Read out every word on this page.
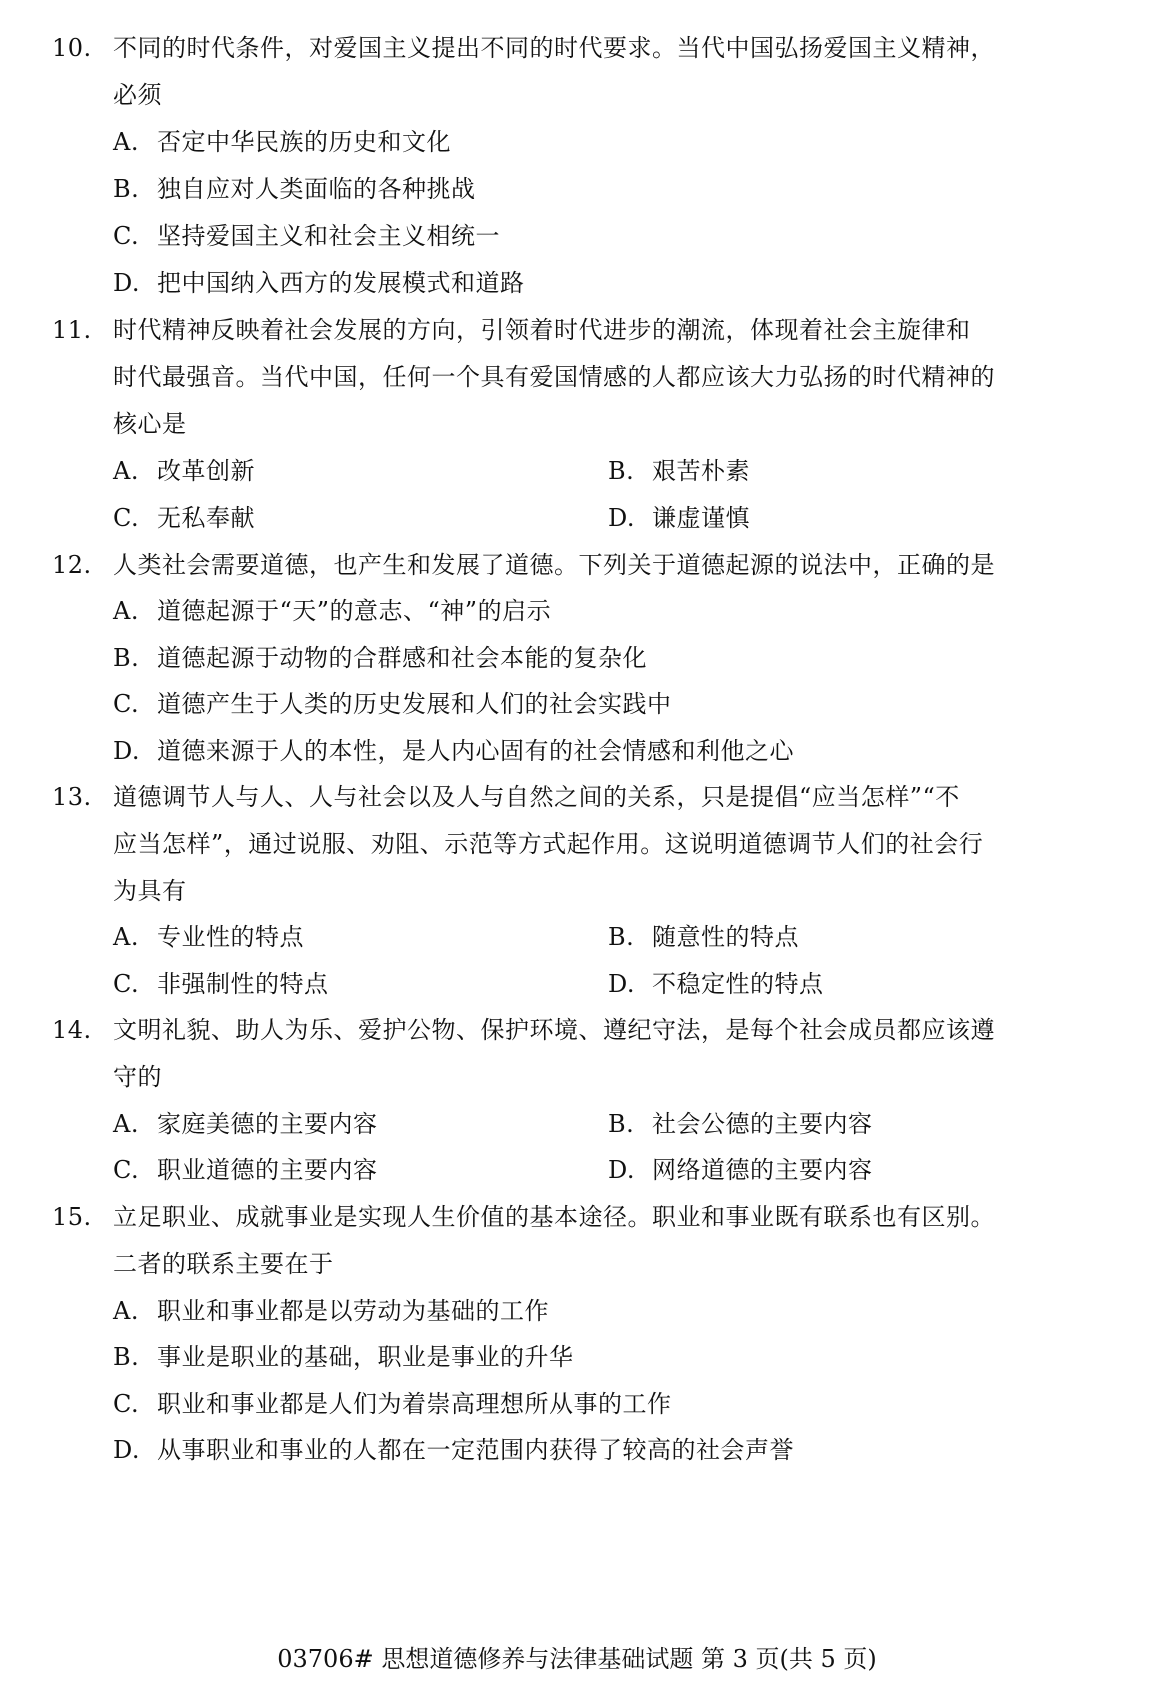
10. 不同的时代条件，对爱国主义提出不同的时代要求。当代中国弘扬爱国主义精神，
必须
A. 否定中华民族的历史和文化
B. 独自应对人类面临的各种挑战
C. 坚持爱国主义和社会主义相统一
D. 把中国纳入西方的发展模式和道路
11. 时代精神反映着社会发展的方向，引领着时代进步的潮流，体现着社会主旋律和
时代最强音。当代中国，任何一个具有爱国情感的人都应该大力弘扬的时代精神的
核心是
A. 改革创新	B. 艰苦朴素
C. 无私奉献	D. 谦虚谨慎
12. 人类社会需要道德，也产生和发展了道德。下列关于道德起源的说法中，正确的是
A. 道德起源于“天”的意志、“神”的启示
B. 道德起源于动物的合群感和社会本能的复杂化
C. 道德产生于人类的历史发展和人们的社会实践中
D. 道德来源于人的本性，是人内心固有的社会情感和利他之心
13. 道德调节人与人、人与社会以及人与自然之间的关系，只是提倡“应当怎样”“不
应当怎样”，通过说服、劝阻、示范等方式起作用。这说明道德调节人们的社会行
为具有
A. 专业性的特点	B. 随意性的特点
C. 非强制性的特点	D. 不稳定性的特点
14. 文明礼貌、助人为乐、爱护公物、保护环境、遵纪守法，是每个社会成员都应该遵
守的
A. 家庭美德的主要内容	B. 社会公德的主要内容
C. 职业道德的主要内容	D. 网络道德的主要内容
15. 立足职业、成就事业是实现人生价值的基本途径。职业和事业既有联系也有区别。
二者的联系主要在于
A. 职业和事业都是以劳动为基础的工作
B. 事业是职业的基础，职业是事业的升华
C. 职业和事业都是人们为着崇高理想所从事的工作
D. 从事职业和事业的人都在一定范围内获得了较高的社会声誉
03706# 思想道德修养与法律基础试题 第 3 页(共 5 页)
